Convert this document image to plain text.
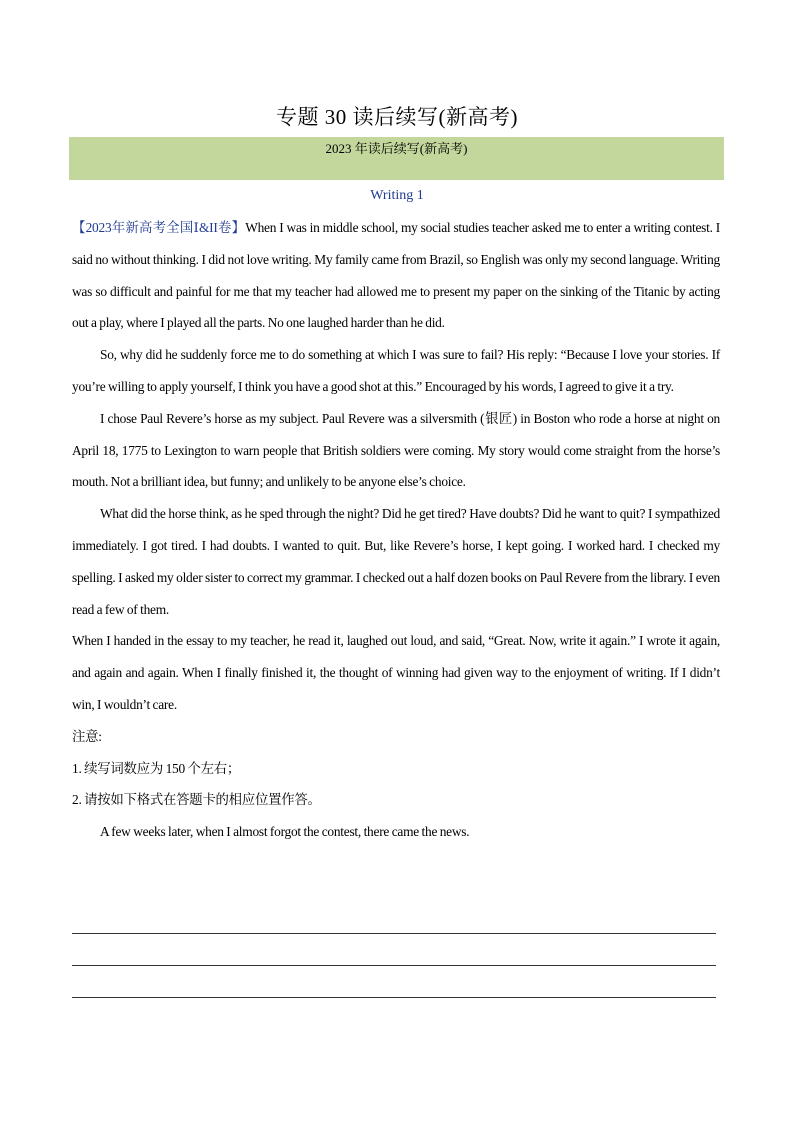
专题 30 读后续写(新高考)
2023 年读后续写(新高考)
Writing 1

【2023年新高考全国Ⅰ&II卷】When I was in middle school, my social studies teacher asked me to enter a writing contest. I said no without thinking. I did not love writing. My family came from Brazil, so English was only my second language. Writing was so difficult and painful for me that my teacher had allowed me to present my paper on the sinking of the Titanic by acting out a play, where I played all the parts. No one laughed harder than he did.

So, why did he suddenly force me to do something at which I was sure to fail? His reply: “Because I love your stories. If you’re willing to apply yourself, I think you have a good shot at this.” Encouraged by his words, I agreed to give it a try.

I chose Paul Revere’s horse as my subject. Paul Revere was a silversmith (银匠) in Boston who rode a horse at night on April 18, 1775 to Lexington to warn people that British soldiers were coming. My story would come straight from the horse’s mouth. Not a brilliant idea, but funny; and unlikely to be anyone else’s choice.

What did the horse think, as he sped through the night? Did he get tired? Have doubts? Did he want to quit? I sympathized immediately. I got tired. I had doubts. I wanted to quit. But, like Revere’s horse, I kept going. I worked hard. I checked my spelling. I asked my older sister to correct my grammar. I checked out a half dozen books on Paul Revere from the library. I even read a few of them.

When I handed in the essay to my teacher, he read it, laughed out loud, and said, “Great. Now, write it again.” I wrote it again, and again and again. When I finally finished it, the thought of winning had given way to the enjoyment of writing. If I didn’t win, I wouldn’t care.

注意:

1. 续写词数应为 150 个左右；

2. 请按如下格式在答题卡的相应位置作答。

A few weeks later, when I almost forgot the contest, there came the news.
